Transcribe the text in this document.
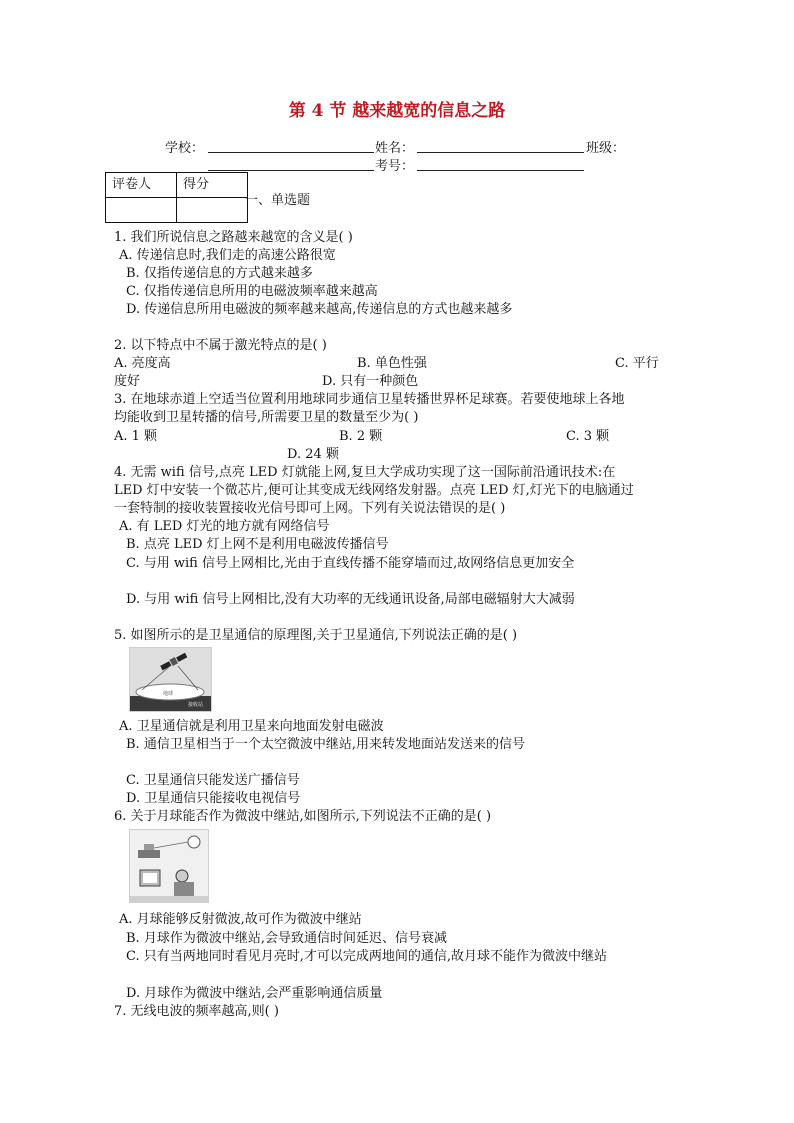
第 4 节 越来越宽的信息之路
学校：	姓名：	班级：
考号：
评卷人	得分

一、单选题
1. 我们所说信息之路越来越宽的含义是( )
A. 传递信息时,我们走的高速公路很宽
B. 仅指传递信息的方式越来越多
C. 仅指传递信息所用的电磁波频率越来越高
D. 传递信息所用电磁波的频率越来越高,传递信息的方式也越来越多
2. 以下特点中不属于激光特点的是( )
A. 亮度高	B. 单色性强	C. 平行
度好	D. 只有一种颜色
3. 在地球赤道上空适当位置利用地球同步通信卫星转播世界杯足球赛。若要使地球上各地
均能收到卫星转播的信号,所需要卫星的数量至少为( )
A. 1 颗	B. 2 颗	C. 3 颗
D. 24 颗
4. 无需 wifi 信号,点亮 LED 灯就能上网,复旦大学成功实现了这一国际前沿通讯技术:在
LED 灯中安装一个微芯片,便可让其变成无线网络发射器。点亮 LED 灯,灯光下的电脑通过
一套特制的接收装置接收光信号即可上网。下列有关说法错误的是( )
A. 有 LED 灯光的地方就有网络信号
B. 点亮 LED 灯上网不是利用电磁波传播信号
C. 与用 wifi 信号上网相比,光由于直线传播不能穿墙而过,故网络信息更加安全
D. 与用 wifi 信号上网相比,没有大功率的无线通讯设备,局部电磁辐射大大减弱
5. 如图所示的是卫星通信的原理图,关于卫星通信,下列说法正确的是( )
地球
接收站
A. 卫星通信就是利用卫星来向地面发射电磁波
B. 通信卫星相当于一个太空微波中继站,用来转发地面站发送来的信号
C. 卫星通信只能发送广播信号
D. 卫星通信只能接收电视信号
6. 关于月球能否作为微波中继站,如图所示,下列说法不正确的是( )
A. 月球能够反射微波,故可作为微波中继站
B. 月球作为微波中继站,会导致通信时间延迟、信号衰减
C. 只有当两地同时看见月亮时,才可以完成两地间的通信,故月球不能作为微波中继站
D. 月球作为微波中继站,会严重影响通信质量
7. 无线电波的频率越高,则( )
